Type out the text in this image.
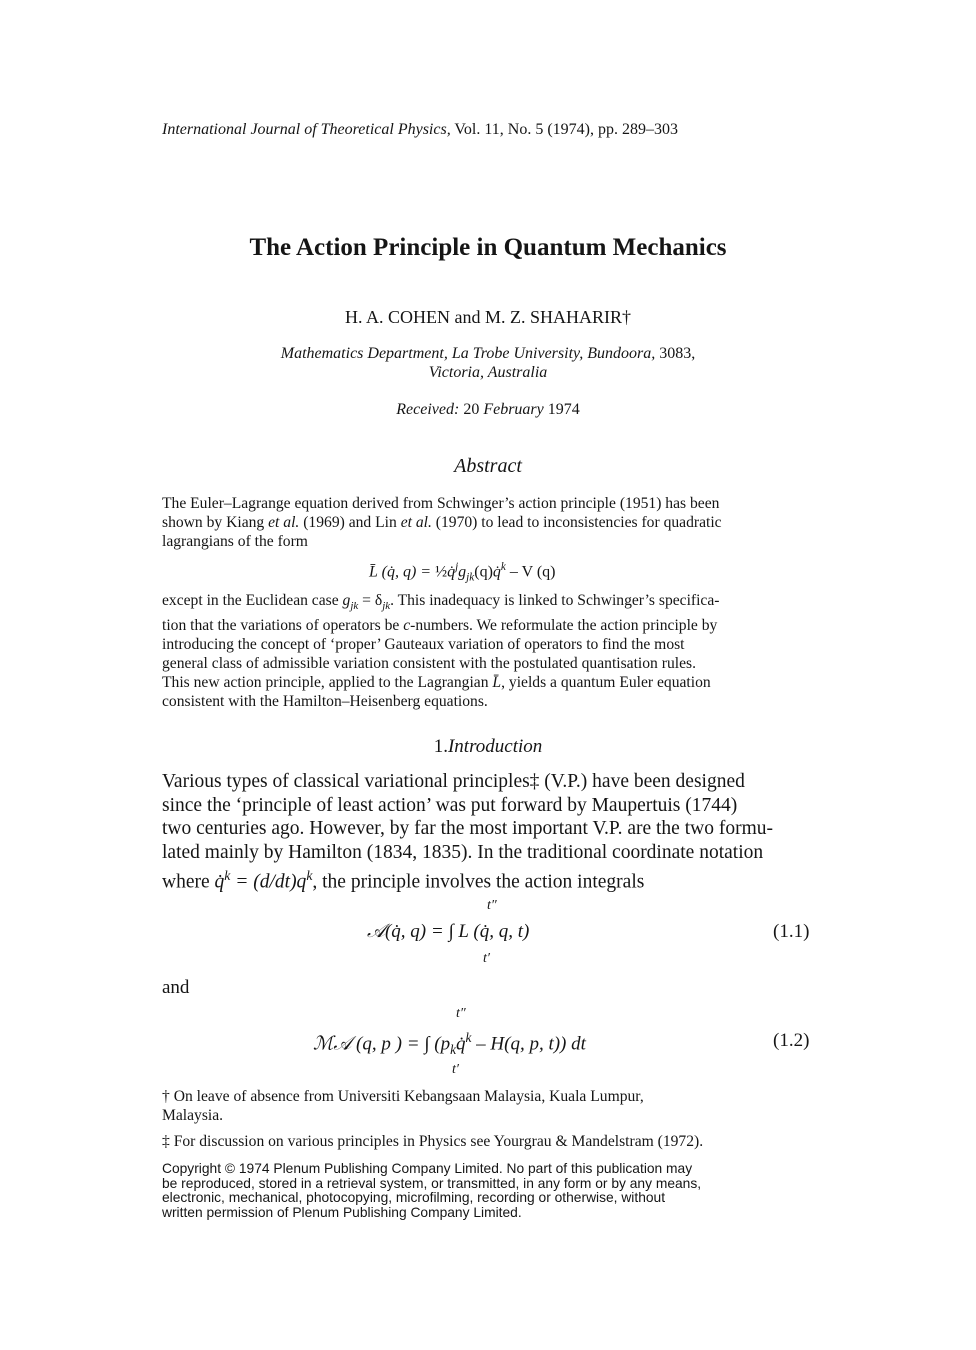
International Journal of Theoretical Physics, Vol. 11, No. 5 (1974), pp. 289–303
The Action Principle in Quantum Mechanics
H. A. COHEN and M. Z. SHAHARIR†
Mathematics Department, La Trobe University, Bundoora, 3083,
Victoria, Australia
Received: 20 February 1974
Abstract
The Euler–Lagrange equation derived from Schwinger’s action principle (1951) has been
shown by Kiang et al. (1969) and Lin et al. (1970) to lead to inconsistencies for quadratic
lagrangians of the form
L̄ (q̇, $q) = \frac{1}{2}q̇^jg_{jk}(q)q̇^k - V$ (q)
except in the Euclidean case $g_{jk} = \delta_{jk}$. This inadequacy is linked to Schwinger’s specifica-
tion that the variations of operators be c-numbers. We reformulate the action principle by
introducing the concept of ‘proper’ Gauteaux variation of operators to find the most
general class of admissible variation consistent with the postulated quantisation rules.
This new action principle, applied to the Lagrangian L̄, yields a quantum Euler equation
consistent with the Hamilton–Heisenberg equations.
1.Introduction
Various types of classical variational principles‡ (V.P.) have been designed
since the ‘principle of least action’ was put forward by Maupertuis (1744)
two centuries ago. However, by far the most important V.P. are the two formu-
lated mainly by Hamilton (1834, 1835). In the traditional coordinate notation
where q̇$^k$ = $(d/dt)q^k$, the principle involves the action integrals
t″
𝒜(q̇, q) = ∫ L (q̇, q, t)
t′
(1.1)
and
t″
ℳ𝒜 (q, p ) = ∫ ($p_kq̇^k - H(q$, p, t)) dt
t′
(1.2)
† On leave of absence from Universiti Kebangsaan Malaysia, Kuala Lumpur,
Malaysia.
‡ For discussion on various principles in Physics see Yourgrau & Mandelstram (1972).
Copyright © 1974 Plenum Publishing Company Limited. No part of this publication may
be reproduced, stored in a retrieval system, or transmitted, in any form or by any means,
electronic, mechanical, photocopying, microfilming, recording or otherwise, without
written permission of Plenum Publishing Company Limited.
